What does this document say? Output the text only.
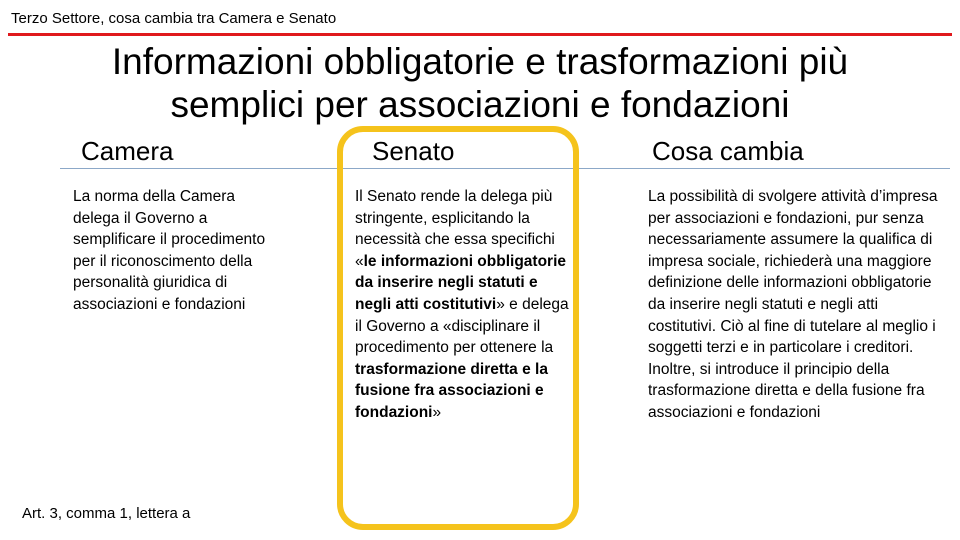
Terzo Settore, cosa cambia tra Camera e Senato
Informazioni obbligatorie e trasformazioni più
semplici per associazioni e fondazioni
Camera	Senato	Cosa cambia

La norma della Camera delega il Governo a semplificare il procedimento per il riconoscimento della personalità giuridica di associazioni e fondazioni

Il Senato rende la delega più stringente, esplicitando la necessità che essa specifichi «le informazioni obbligatorie da inserire negli statuti e negli atti costitutivi» e delega il Governo a «disciplinare il procedimento per ottenere la trasformazione diretta e la fusione fra associazioni e fondazioni»

La possibilità di svolgere attività d’impresa per associazioni e fondazioni, pur senza necessariamente assumere la qualifica di impresa sociale, richiederà una maggiore definizione delle informazioni obbligatorie da inserire negli statuti e negli atti costitutivi. Ciò al fine di tutelare al meglio i soggetti terzi e in particolare i creditori.

Inoltre, si introduce il principio della trasformazione diretta e della fusione fra associazioni e fondazioni

Art. 3, comma 1, lettera a
